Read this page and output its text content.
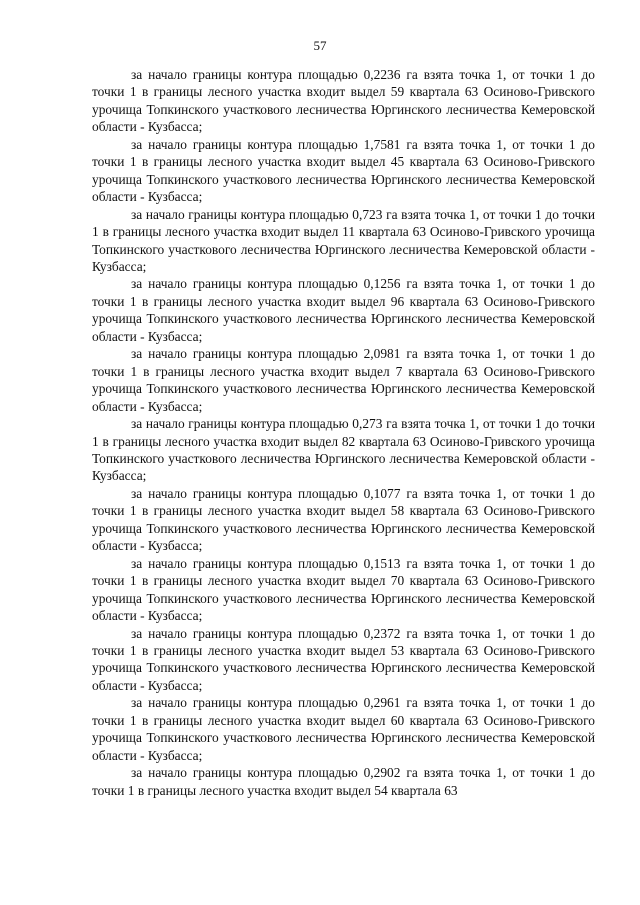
57

за начало границы контура площадью 0,2236 га взята точка 1, от точки 1 до точки 1 в границы лесного участка входит выдел 59 квартала 63 Осиново-Гривского урочища Топкинского участкового лесничества Юргинского лесничества Кемеровской области - Кузбасса;

за начало границы контура площадью 1,7581 га взята точка 1, от точки 1 до точки 1 в границы лесного участка входит выдел 45 квартала 63 Осиново-Гривского урочища Топкинского участкового лесничества Юргинского лесничества Кемеровской области - Кузбасса;

за начало границы контура площадью 0,723 га взята точка 1, от точки 1 до точки 1 в границы лесного участка входит выдел 11 квартала 63 Осиново-Гривского урочища Топкинского участкового лесничества Юргинского лесничества Кемеровской области - Кузбасса;

за начало границы контура площадью 0,1256 га взята точка 1, от точки 1 до точки 1 в границы лесного участка входит выдел 96 квартала 63 Осиново-Гривского урочища Топкинского участкового лесничества Юргинского лесничества Кемеровской области - Кузбасса;

за начало границы контура площадью 2,0981 га взята точка 1, от точки 1 до точки 1 в границы лесного участка входит выдел 7 квартала 63 Осиново-Гривского урочища Топкинского участкового лесничества Юргинского лесничества Кемеровской области - Кузбасса;

за начало границы контура площадью 0,273 га взята точка 1, от точки 1 до точки 1 в границы лесного участка входит выдел 82 квартала 63 Осиново-Гривского урочища Топкинского участкового лесничества Юргинского лесничества Кемеровской области - Кузбасса;

за начало границы контура площадью 0,1077 га взята точка 1, от точки 1 до точки 1 в границы лесного участка входит выдел 58 квартала 63 Осиново-Гривского урочища Топкинского участкового лесничества Юргинского лесничества Кемеровской области - Кузбасса;

за начало границы контура площадью 0,1513 га взята точка 1, от точки 1 до точки 1 в границы лесного участка входит выдел 70 квартала 63 Осиново-Гривского урочища Топкинского участкового лесничества Юргинского лесничества Кемеровской области - Кузбасса;

за начало границы контура площадью 0,2372 га взята точка 1, от точки 1 до точки 1 в границы лесного участка входит выдел 53 квартала 63 Осиново-Гривского урочища Топкинского участкового лесничества Юргинского лесничества Кемеровской области - Кузбасса;

за начало границы контура площадью 0,2961 га взята точка 1, от точки 1 до точки 1 в границы лесного участка входит выдел 60 квартала 63 Осиново-Гривского урочища Топкинского участкового лесничества Юргинского лесничества Кемеровской области - Кузбасса;

за начало границы контура площадью 0,2902 га взята точка 1, от точки 1 до точки 1 в границы лесного участка входит выдел 54 квартала 63
